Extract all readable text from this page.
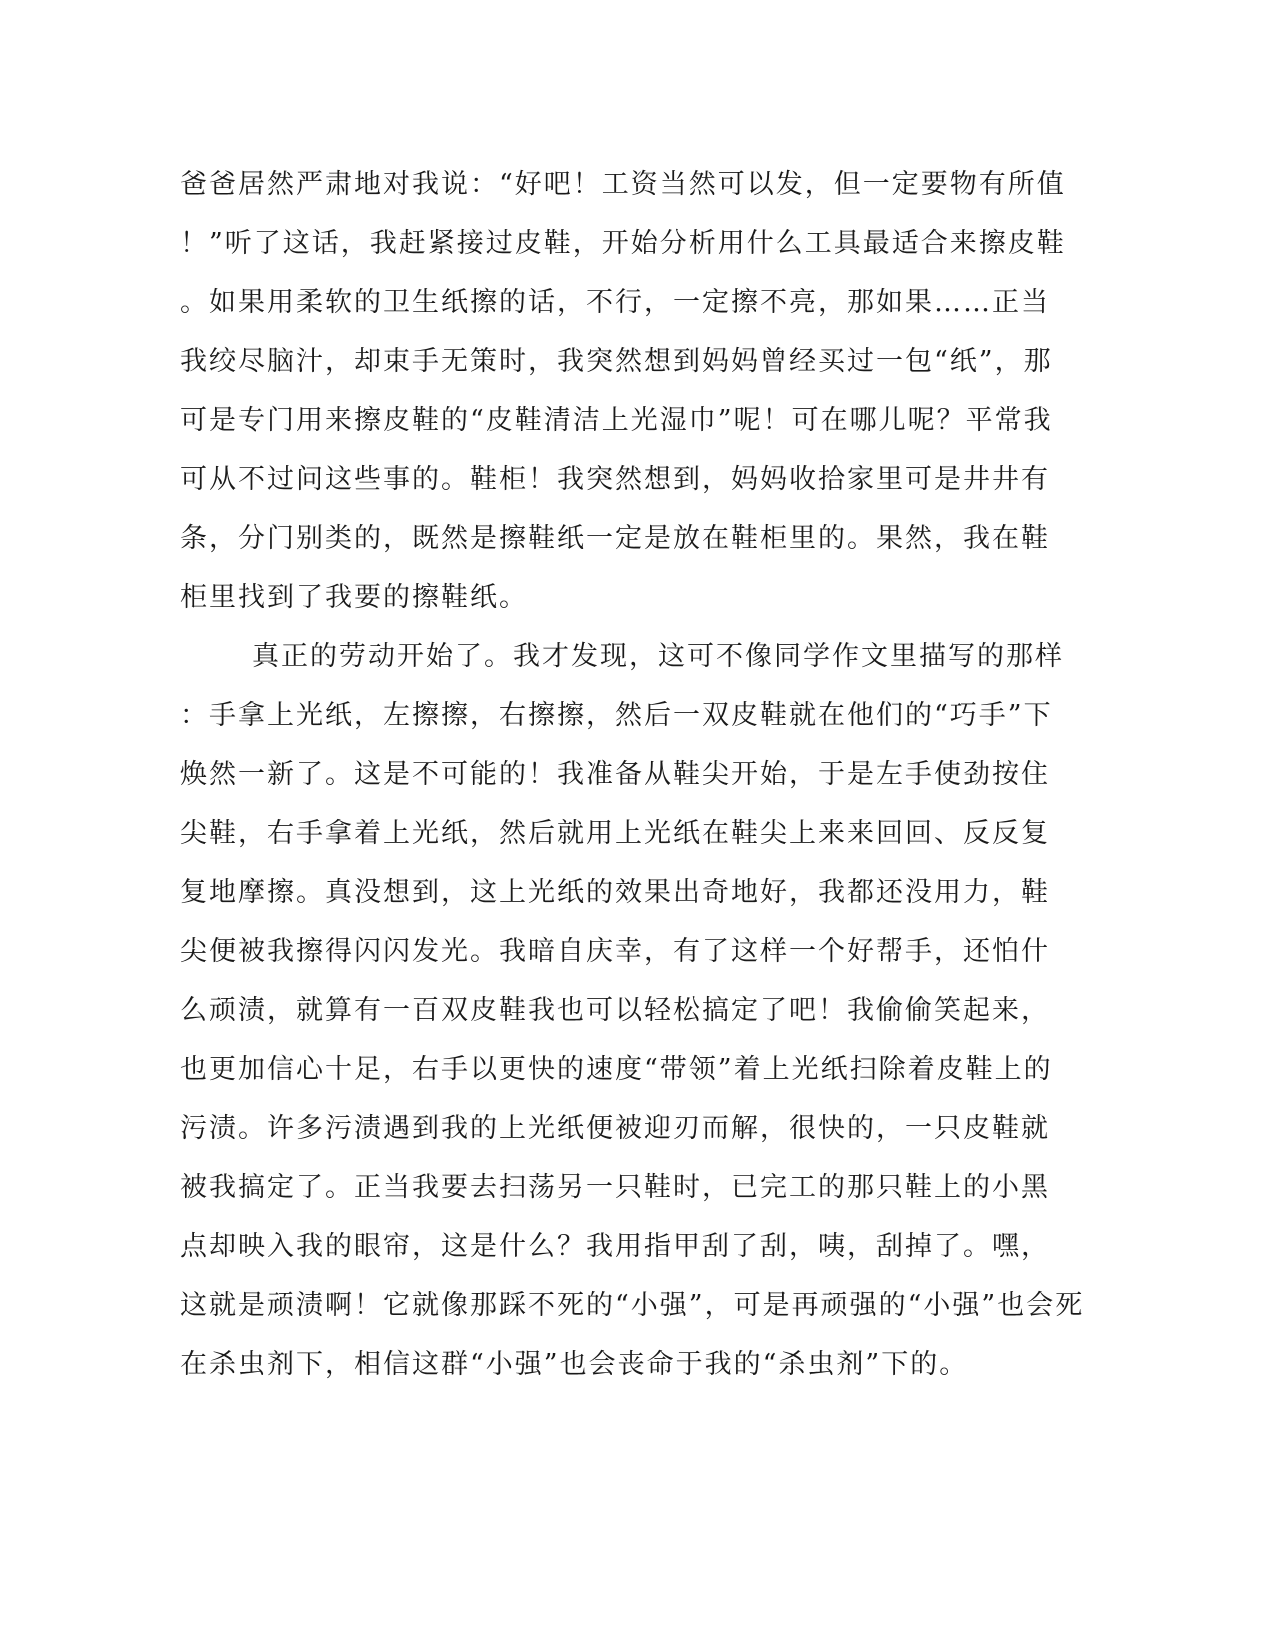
爸爸居然严肃地对我说：“好吧！工资当然可以发，但一定要物有所值
！”听了这话，我赶紧接过皮鞋，开始分析用什么工具最适合来擦皮鞋
。如果用柔软的卫生纸擦的话，不行，一定擦不亮，那如果……正当
我绞尽脑汁，却束手无策时，我突然想到妈妈曾经买过一包“纸”，那
可是专门用来擦皮鞋的“皮鞋清洁上光湿巾”呢！可在哪儿呢？平常我
可从不过问这些事的。鞋柜！我突然想到，妈妈收拾家里可是井井有
条，分门别类的，既然是擦鞋纸一定是放在鞋柜里的。果然，我在鞋
柜里找到了我要的擦鞋纸。
真正的劳动开始了。我才发现，这可不像同学作文里描写的那样
：手拿上光纸，左擦擦，右擦擦，然后一双皮鞋就在他们的“巧手”下
焕然一新了。这是不可能的！我准备从鞋尖开始，于是左手使劲按住
尖鞋，右手拿着上光纸，然后就用上光纸在鞋尖上来来回回、反反复
复地摩擦。真没想到，这上光纸的效果出奇地好，我都还没用力，鞋
尖便被我擦得闪闪发光。我暗自庆幸，有了这样一个好帮手，还怕什
么顽渍，就算有一百双皮鞋我也可以轻松搞定了吧！我偷偷笑起来，
也更加信心十足，右手以更快的速度“带领”着上光纸扫除着皮鞋上的
污渍。许多污渍遇到我的上光纸便被迎刃而解，很快的，一只皮鞋就
被我搞定了。正当我要去扫荡另一只鞋时，已完工的那只鞋上的小黑
点却映入我的眼帘，这是什么？我用指甲刮了刮，咦，刮掉了。嘿，
这就是顽渍啊！它就像那踩不死的“小强”，可是再顽强的“小强”也会死
在杀虫剂下，相信这群“小强”也会丧命于我的“杀虫剂”下的。
